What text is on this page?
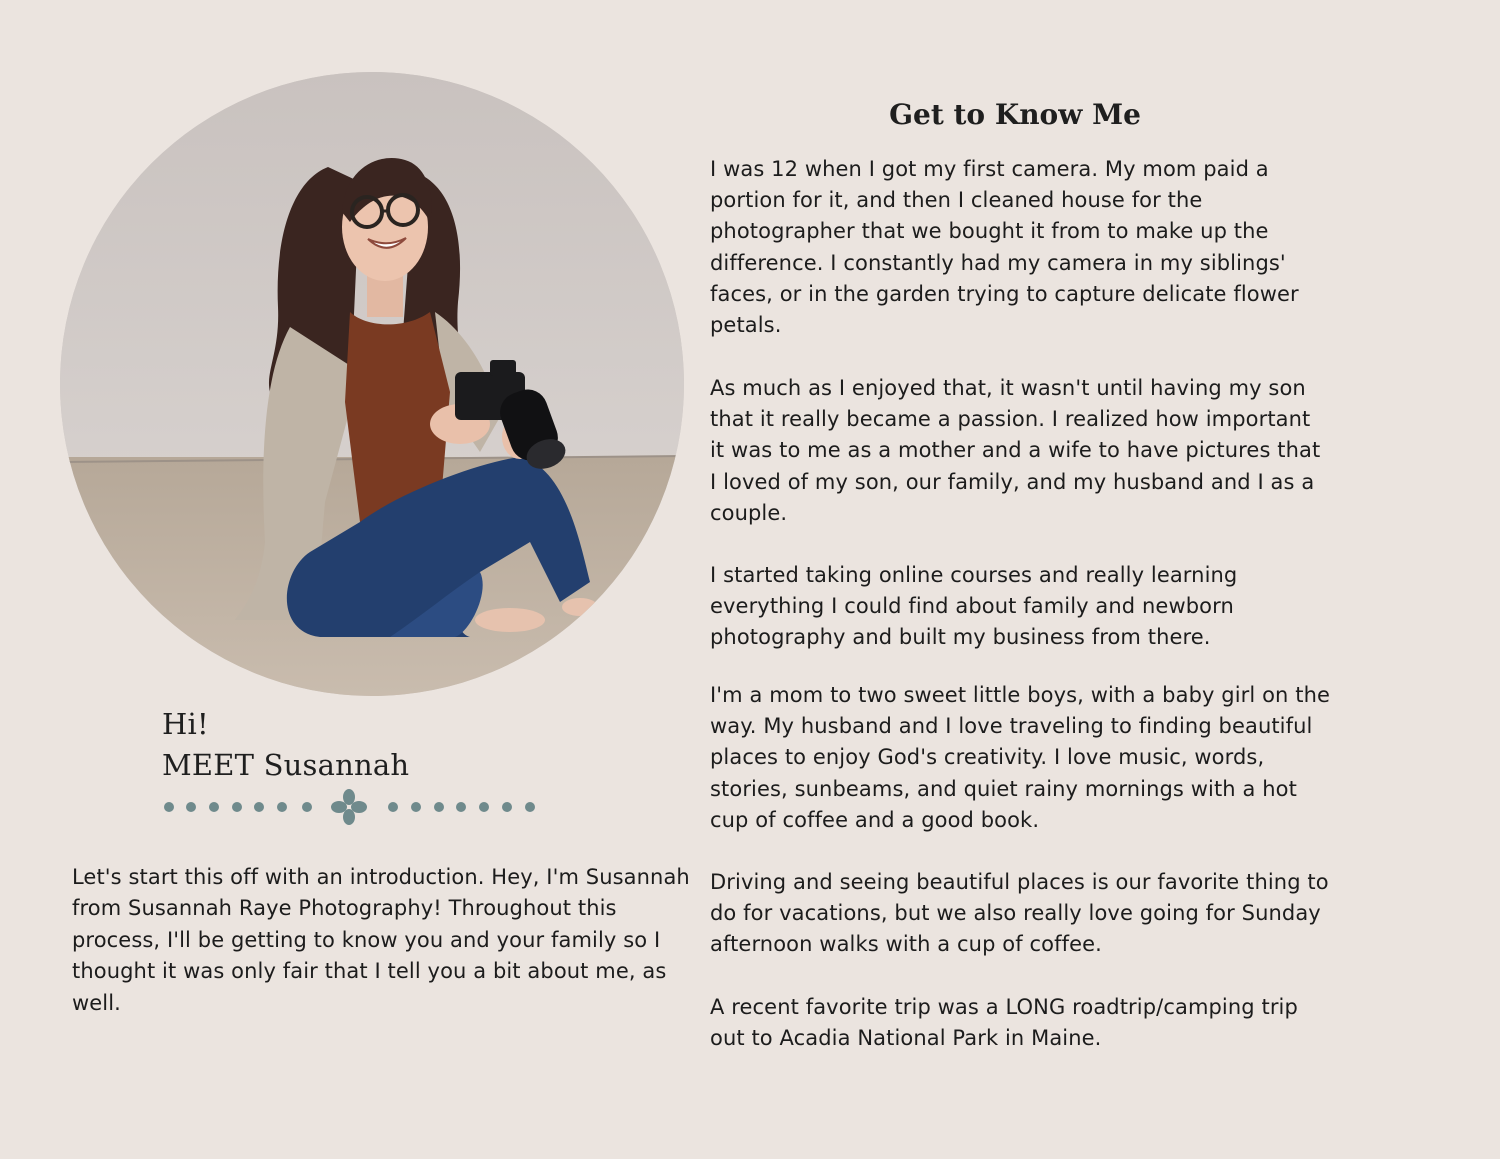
Hi!
MEET Susannah

Let's start this off with an introduction. Hey, I'm Susannah from Susannah Raye Photography! Throughout this process, I'll be getting to know you and your family so I thought it was only fair that I tell you a bit about me, as well.

Get to Know Me

I was 12 when I got my first camera. My mom paid a portion for it, and then I cleaned house for the photographer that we bought it from to make up the difference. I constantly had my camera in my siblings' faces, or in the garden trying to capture delicate flower petals.

As much as I enjoyed that, it wasn't until having my son that it really became a passion. I realized how important it was to me as a mother and a wife to have pictures that I loved of my son, our family, and my husband and I as a couple.

I started taking online courses and really learning everything I could find about family and newborn photography and built my business from there.

I'm a mom to two sweet little boys, with a baby girl on the way. My husband and I love traveling to finding beautiful places to enjoy God's creativity. I love music, words, stories, sunbeams, and quiet rainy mornings with a hot cup of coffee and a good book.

Driving and seeing beautiful places is our favorite thing to do for vacations, but we also really love going for Sunday afternoon walks with a cup of coffee.

A recent favorite trip was a LONG roadtrip/camping trip out to Acadia National Park in Maine.
